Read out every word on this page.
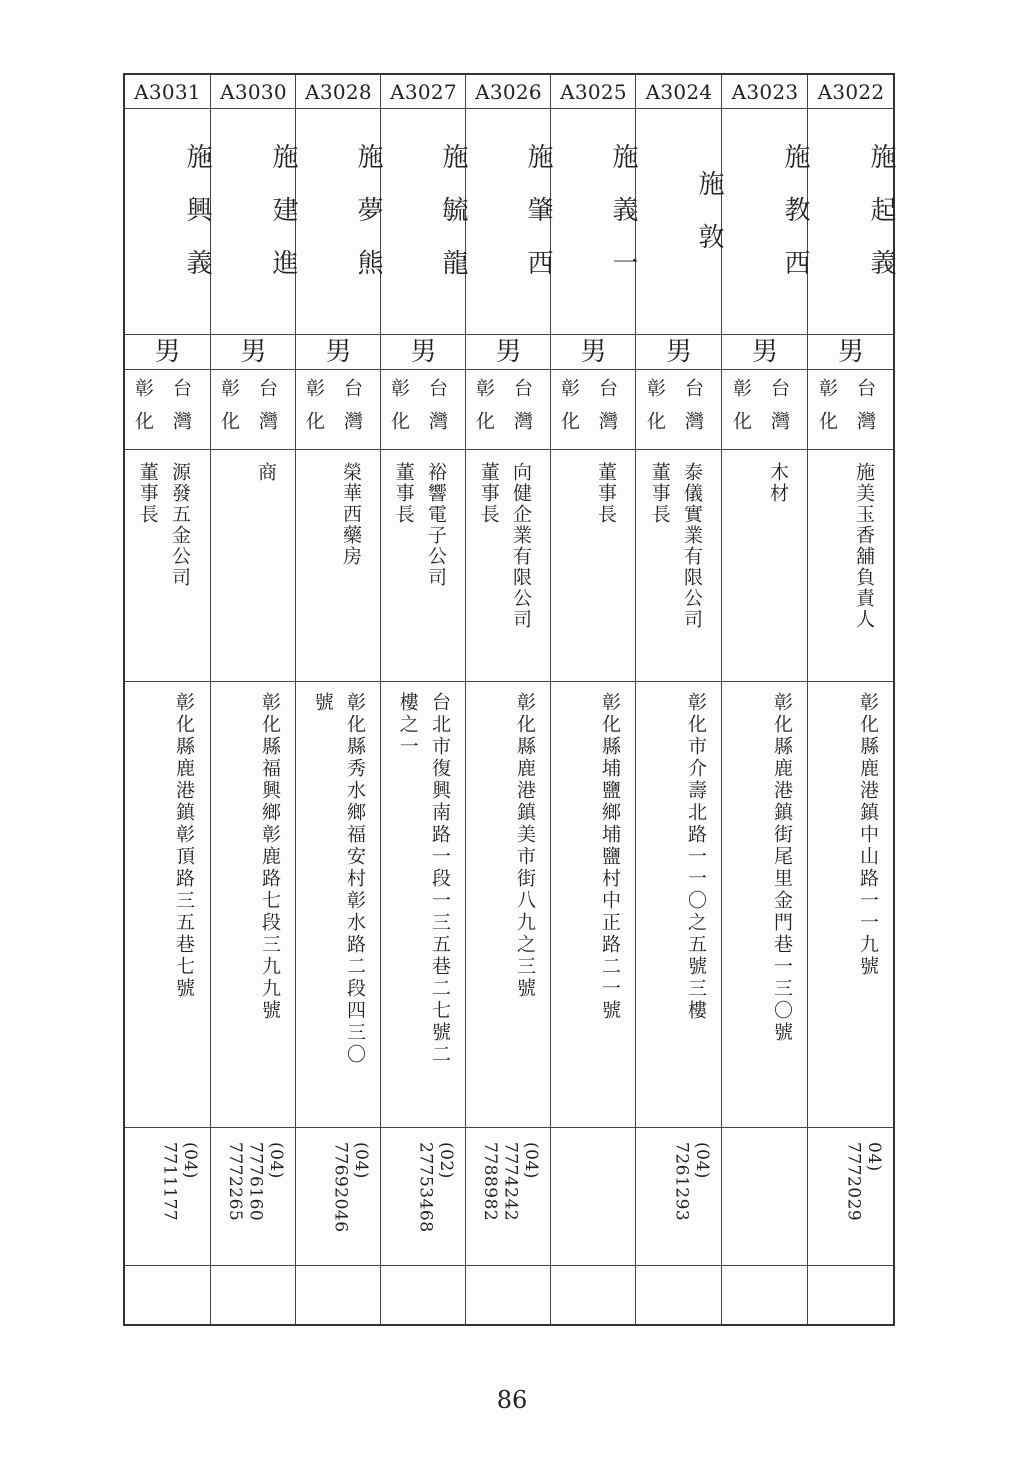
A3022
施起義
男
台灣彰化
施美玉香舖負責人
彰化縣鹿港鎮中山路一一九號
04)
7772029
A3023
施教西
男
台灣彰化
木材
彰化縣鹿港鎮街尾里金門巷一三〇號
A3024
施敦
男
台灣彰化
泰儀實業有限公司
董事長
彰化市介壽北路一一〇之五號三樓
(04)
7261293
A3025
施義一
男
台灣彰化
董事長
彰化縣埔鹽鄉埔鹽村中正路二一號
A3026
施肇西
男
台灣彰化
向健企業有限公司
董事長
彰化縣鹿港鎮美市街八九之三號
(04)
7774242
7788982
A3027
施毓龍
男
台灣彰化
裕響電子公司
董事長
台北市復興南路一段一三五巷二七號二
樓之一
(02)
27753468
A3028
施夢熊
男
台灣彰化
榮華西藥房
彰化縣秀水鄉福安村彰水路二段四三〇
號
(04)
77692046
A3030
施建進
男
台灣彰化
商
彰化縣福興鄉彰鹿路七段三九九號
(04)
7776160
7772265
A3031
施興義
男
台灣彰化
源發五金公司
董事長
彰化縣鹿港鎮彰頂路三五巷七號
(04)
7711177
86
